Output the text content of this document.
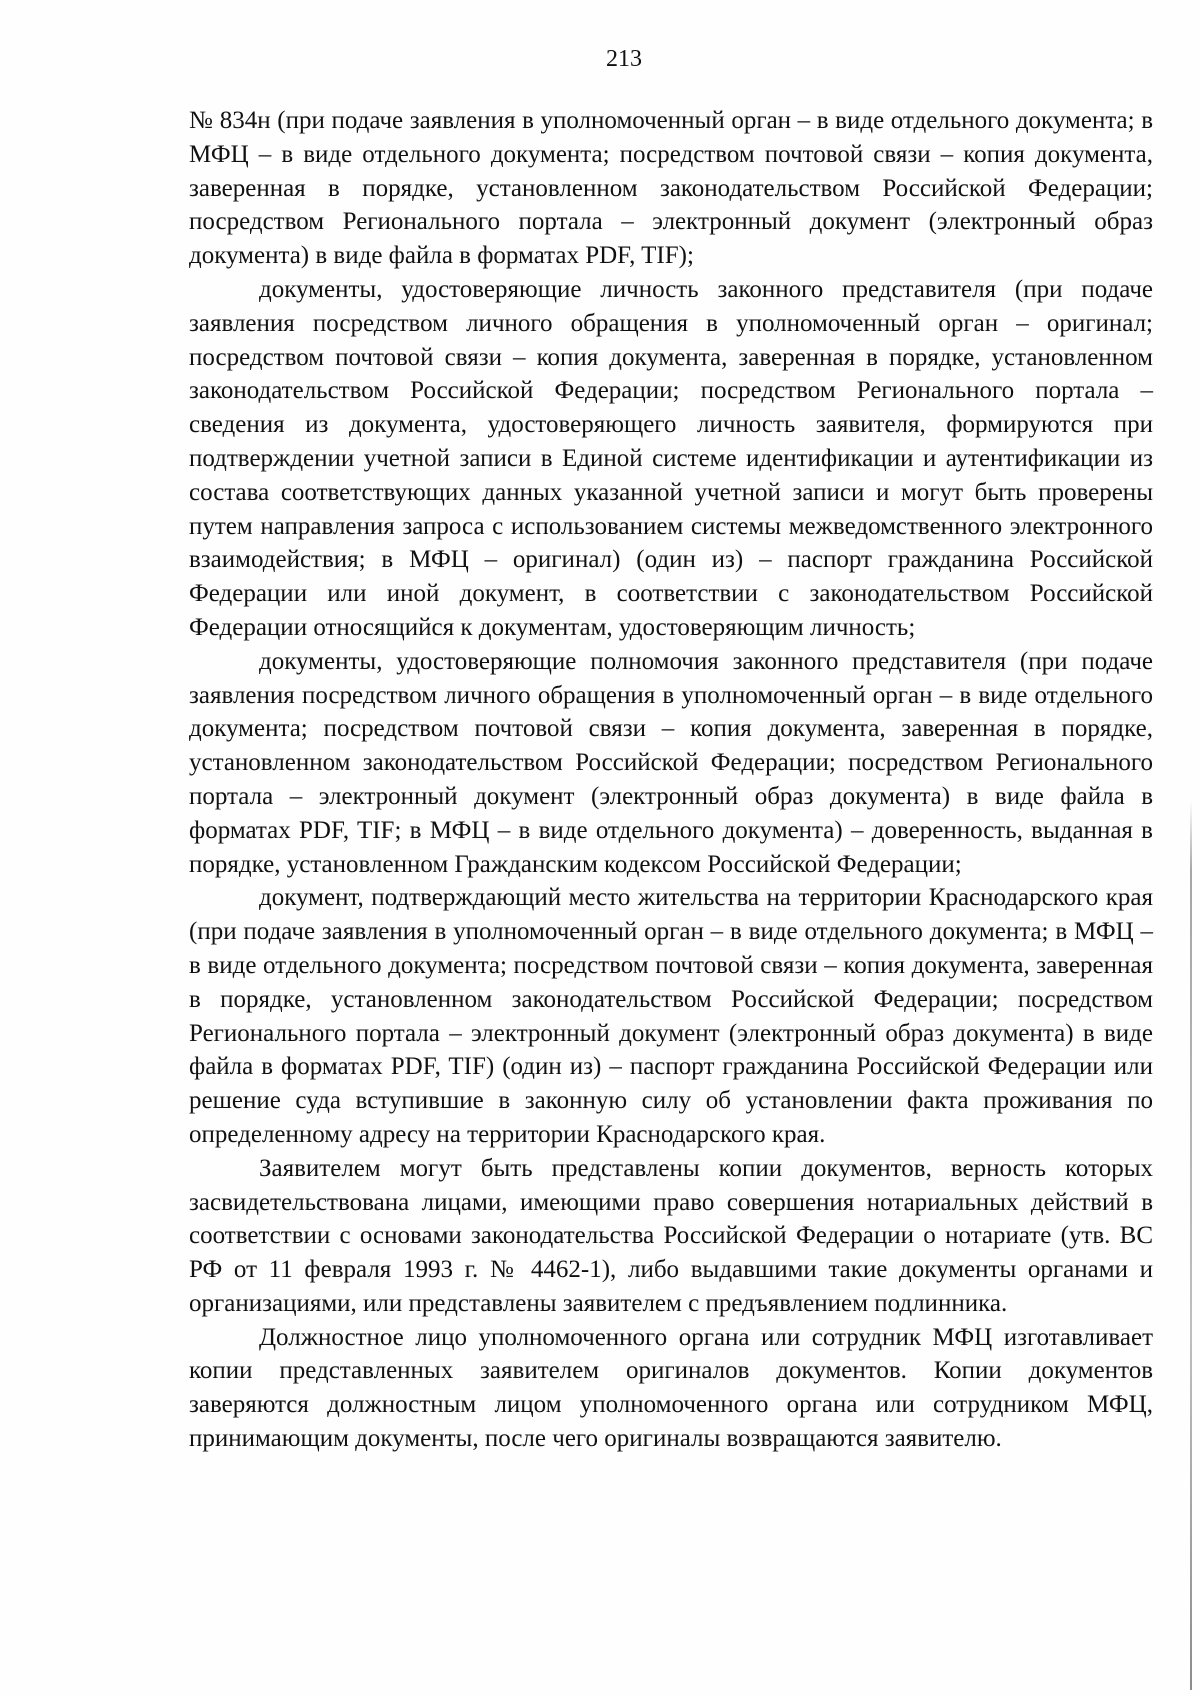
213

№ 834н (при подаче заявления в уполномоченный орган – в виде отдельного документа; в МФЦ – в виде отдельного документа; посредством почтовой связи – копия документа, заверенная в порядке, установленном законодательством Российской Федерации; посредством Регионального портала – электронный документ (электронный образ документа) в виде файла в форматах PDF, TIF);

документы, удостоверяющие личность законного представителя (при подаче заявления посредством личного обращения в уполномоченный орган – оригинал; посредством почтовой связи – копия документа, заверенная в порядке, установленном законодательством Российской Федерации; посредством Регионального портала – сведения из документа, удостоверяющего личность заявителя, формируются при подтверждении учетной записи в Единой системе идентификации и аутентификации из состава соответствующих данных указанной учетной записи и могут быть проверены путем направления запроса с использованием системы межведомственного электронного взаимодействия; в МФЦ – оригинал) (один из) – паспорт гражданина Российской Федерации или иной документ, в соответствии с законодательством Российской Федерации относящийся к документам, удостоверяющим личность;

документы, удостоверяющие полномочия законного представителя (при подаче заявления посредством личного обращения в уполномоченный орган – в виде отдельного документа; посредством почтовой связи – копия документа, заверенная в порядке, установленном законодательством Российской Федерации; посредством Регионального портала – электронный документ (электронный образ документа) в виде файла в форматах PDF, TIF; в МФЦ – в виде отдельного документа) – доверенность, выданная в порядке, установленном Гражданским кодексом Российской Федерации;

документ, подтверждающий место жительства на территории Краснодарского края (при подаче заявления в уполномоченный орган – в виде отдельного документа; в МФЦ – в виде отдельного документа; посредством почтовой связи – копия документа, заверенная в порядке, установленном законодательством Российской Федерации; посредством Регионального портала – электронный документ (электронный образ документа) в виде файла в форматах PDF, TIF) (один из) – паспорт гражданина Российской Федерации или решение суда вступившие в законную силу об установлении факта проживания по определенному адресу на территории Краснодарского края.

Заявителем могут быть представлены копии документов, верность которых засвидетельствована лицами, имеющими право совершения нотариальных действий в соответствии с основами законодательства Российской Федерации о нотариате (утв. ВС РФ от 11 февраля 1993 г. № 4462-1), либо выдавшими такие документы органами и организациями, или представлены заявителем с предъявлением подлинника.

Должностное лицо уполномоченного органа или сотрудник МФЦ изготавливает копии представленных заявителем оригиналов документов. Копии документов заверяются должностным лицом уполномоченного органа или сотрудником МФЦ, принимающим документы, после чего оригиналы возвращаются заявителю.
